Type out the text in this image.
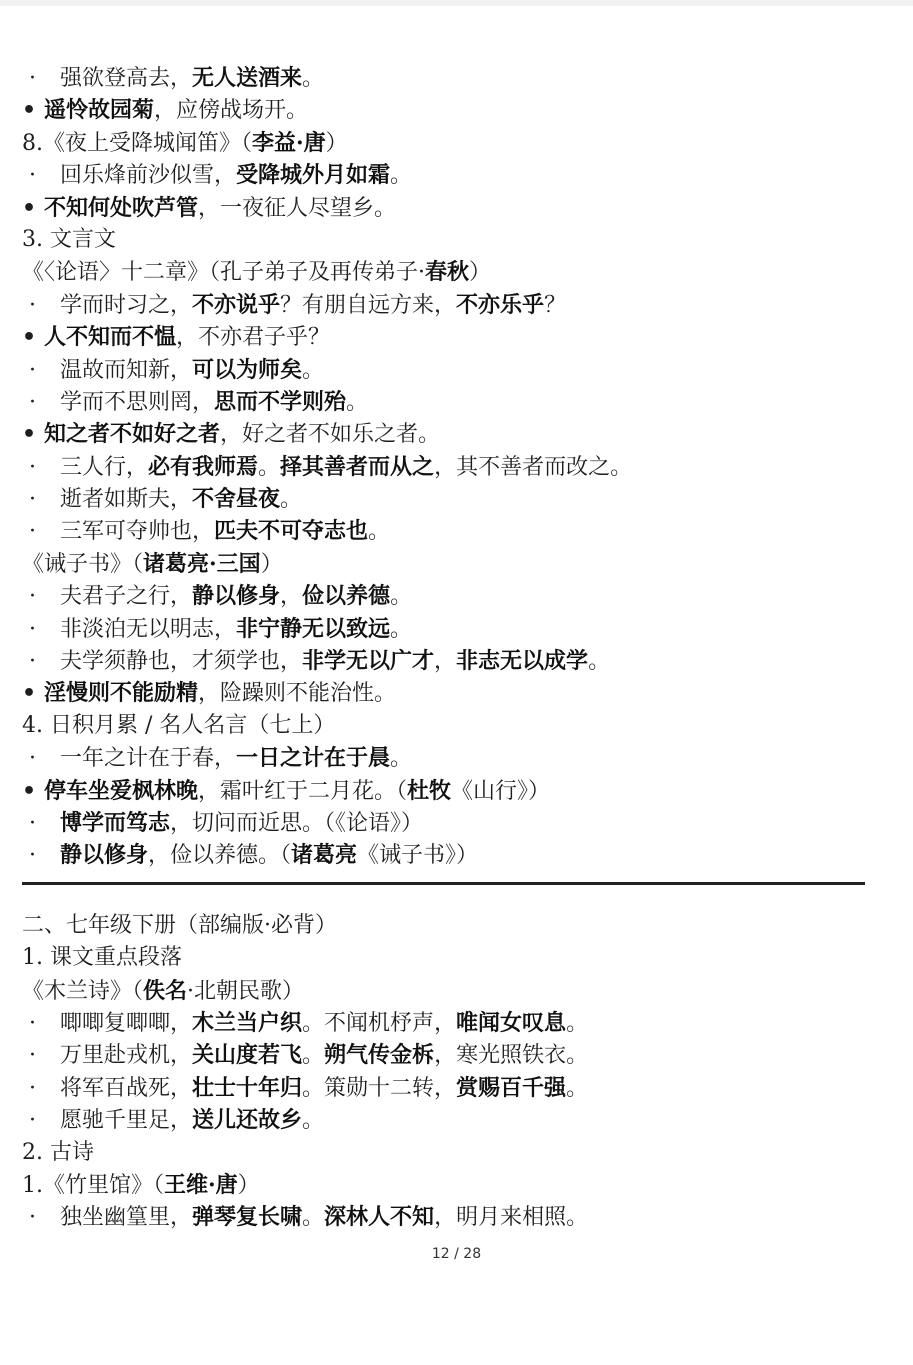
· 强欲登高去，无人送酒来。
• 遥怜故园菊，应傍战场开。
8.《夜上受降城闻笛》（李益·唐）
· 回乐烽前沙似雪，受降城外月如霜。
• 不知何处吹芦管，一夜征人尽望乡。
3. 文言文
《〈论语〉十二章》（孔子弟子及再传弟子·春秋）
· 学而时习之，不亦说乎？有朋自远方来，不亦乐乎？
• 人不知而不愠，不亦君子乎？
· 温故而知新，可以为师矣。
· 学而不思则罔，思而不学则殆。
• 知之者不如好之者，好之者不如乐之者。
· 三人行，必有我师焉。择其善者而从之，其不善者而改之。
· 逝者如斯夫，不舍昼夜。
· 三军可夺帅也，匹夫不可夺志也。
《诫子书》（诸葛亮·三国）
· 夫君子之行，静以修身，俭以养德。
· 非淡泊无以明志，非宁静无以致远。
· 夫学须静也，才须学也，非学无以广才，非志无以成学。
• 淫慢则不能励精，险躁则不能治性。
4. 日积月累 / 名人名言（七上）
· 一年之计在于春，一日之计在于晨。
• 停车坐爱枫林晚，霜叶红于二月花。（杜牧《山行》）
· 博学而笃志，切问而近思。（《论语》）
· 静以修身，俭以养德。（诸葛亮《诫子书》）
二、七年级下册（部编版·必背）
1. 课文重点段落
《木兰诗》（佚名·北朝民歌）
· 唧唧复唧唧，木兰当户织。不闻机杼声，唯闻女叹息。
· 万里赴戎机，关山度若飞。朔气传金柝，寒光照铁衣。
· 将军百战死，壮士十年归。策勋十二转，赏赐百千强。
· 愿驰千里足，送儿还故乡。
2. 古诗
1.《竹里馆》（王维·唐）
· 独坐幽篁里，弹琴复长啸。深林人不知，明月来相照。
12 / 28
